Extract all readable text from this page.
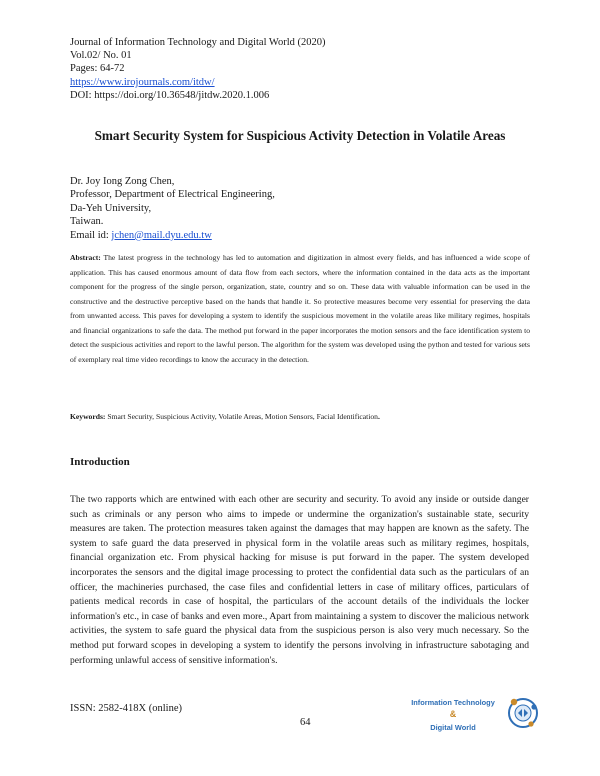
Journal of Information Technology and Digital World (2020)
Vol.02/ No. 01
Pages: 64-72
https://www.irojournals.com/itdw/
DOI: https://doi.org/10.36548/jitdw.2020.1.006
Smart Security System for Suspicious Activity Detection in Volatile Areas
Dr. Joy Iong Zong Chen,
Professor, Department of Electrical Engineering,
Da-Yeh University,
Taiwan.
Email id: jchen@mail.dyu.edu.tw
Abstract: The latest progress in the technology has led to automation and digitization in almost every fields, and has influenced a wide scope of application. This has caused enormous amount of data flow from each sectors, where the information contained in the data acts as the important component for the progress of the single person, organization, state, country and so on. These data with valuable information can be used in the constructive and the destructive perceptive based on the hands that handle it. So protective measures become very essential for preserving the data from unwanted access. This paves for developing a system to identify the suspicious movement in the volatile areas like military regimes, hospitals and financial organizations to safe the data. The method put forward in the paper incorporates the motion sensors and the face identification system to detect the suspicious activities and report to the lawful person. The algorithm for the system was developed using the python and tested for various sets of exemplary real time video recordings to know the accuracy in the detection.
Keywords: Smart Security, Suspicious Activity, Volatile Areas, Motion Sensors, Facial Identification.
Introduction
The two rapports which are entwined with each other are security and security. To avoid any inside or outside danger such as criminals or any person who aims to impede or undermine the organization's sustainable state, security measures are taken. The protection measures taken against the damages that may happen are known as the safety. The system to safe guard the data preserved in physical form in the volatile areas such as military regimes, hospitals, financial organization etc. From physical hacking for misuse is put forward in the paper. The system developed incorporates the sensors and the digital image processing to protect the confidential data such as the particulars of an officer, the machineries purchased, the case files and confidential letters in case of military offices, particulars of patients medical records in case of hospital, the particulars of the account details of the individuals the locker information's etc., in case of banks and even more., Apart from maintaining a system to discover the malicious network activities, the system to safe guard the physical data from the suspicious person is also very much necessary. So the method put forward scopes in developing a system to identify the persons involving in infrastructure sabotaging and performing unlawful access of sensitive information's.
ISSN: 2582-418X (online)
64
Information Technology
&
Digital World
